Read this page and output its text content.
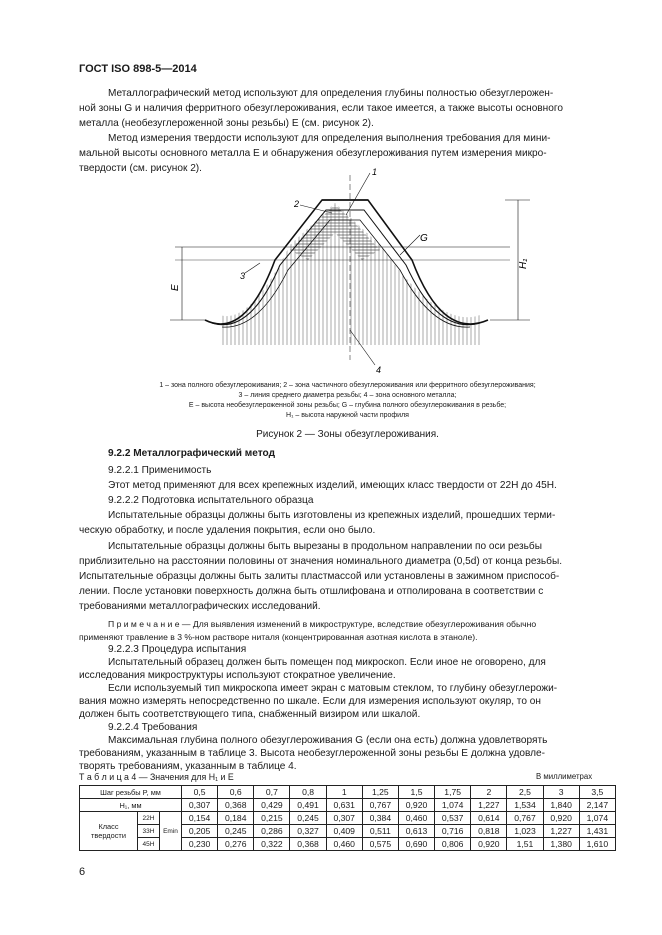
ГОСТ ISO 898-5—2014
Металлографический метод используют для определения глубины полностью обезуглерожен-
ной зоны G и наличия ферритного обезуглероживания, если такое имеется, а также высоты основного
металла (необезуглероженной зоны резьбы) E (см. рисунок 2).
Метод измерения твердости используют для определения выполнения требования для мини-
мальной высоты основного металла E и обнаружения обезуглероживания путем измерения микро-
твердости (см. рисунок 2).	1
2
3
4
G
H₁
E
1 – зона полного обезуглероживания; 2 – зона частичного обезуглероживания или ферритного обезуглероживания;
3 – линия среднего диаметра резьбы; 4 – зона основного металла;
E – высота необезуглероженной зоны резьбы; G – глубина полного обезуглероживания в резьбе;
H₁ – высота наружной части профиля
Рисунок 2 — Зоны обезуглероживания.
9.2.2 Металлографический метод
9.2.2.1 Применимость
Этот метод применяют для всех крепежных изделий, имеющих класс твердости от 22H до 45H.
9.2.2.2 Подготовка испытательного образца
Испытательные образцы должны быть изготовлены из крепежных изделий, прошедших терми-
ческую обработку, и после удаления покрытия, если оно было.
Испытательные образцы должны быть вырезаны в продольном направлении по оси резьбы
приблизительно на расстоянии половины от значения номинального диаметра (0,5d) от конца резьбы.
Испытательные образцы должны быть залиты пластмассой или установлены в зажимном приспособ-
лении. После установки поверхность должна быть отшлифована и отполирована в соответствии с
требованиями металлографических исследований.
П р и м е ч а н и е — Для выявления изменений в микроструктуре, вследствие обезуглероживания обычно
применяют травление в 3 %-ном растворе ниталя (концентрированная азотная кислота в этаноле).
9.2.2.3 Процедура испытания
Испытательный образец должен быть помещен под микроскоп. Если иное не оговорено, для
исследования микроструктуры используют стократное увеличение.
Если используемый тип микроскопа имеет экран с матовым стеклом, то глубину обезуглерожи-
вания можно измерять непосредственно по шкале. Если для измерения используют окуляр, то он
должен быть соответствующего типа, снабженный визиром или шкалой.
9.2.2.4 Требования
Т а б л и ц а 4 — Значения для H₁ и E	В миллиметрах
Шаг резьбы P, мм			0,5	0,6	0,7	0,8	1	1,25	1,5	1,75	2	2,5	3	3,5
H₁, мм			0,307	0,368	0,429	0,491	0,631	0,767	0,920	1,074	1,227	1,534	1,840	2,147
Класс твердости	22H	Emin	0,154	0,184	0,215	0,245	0,307	0,384	0,460	0,537	0,614	0,767	0,920	1,074
	33H		0,205	0,245	0,286	0,327	0,409	0,511	0,613	0,716	0,818	1,023	1,227	1,431
	45H		0,230	0,276	0,322	0,368	0,460	0,575	0,690	0,806	0,920	1,51	1,380	1,610
6
Максимальная глубина полного обезуглероживания G (если она есть) должна удовлетворять
требованиям, указанным в таблице 3. Высота необезуглероженной зоны резьбы E должна удовле-
творять требованиям, указанным в таблице 4.
